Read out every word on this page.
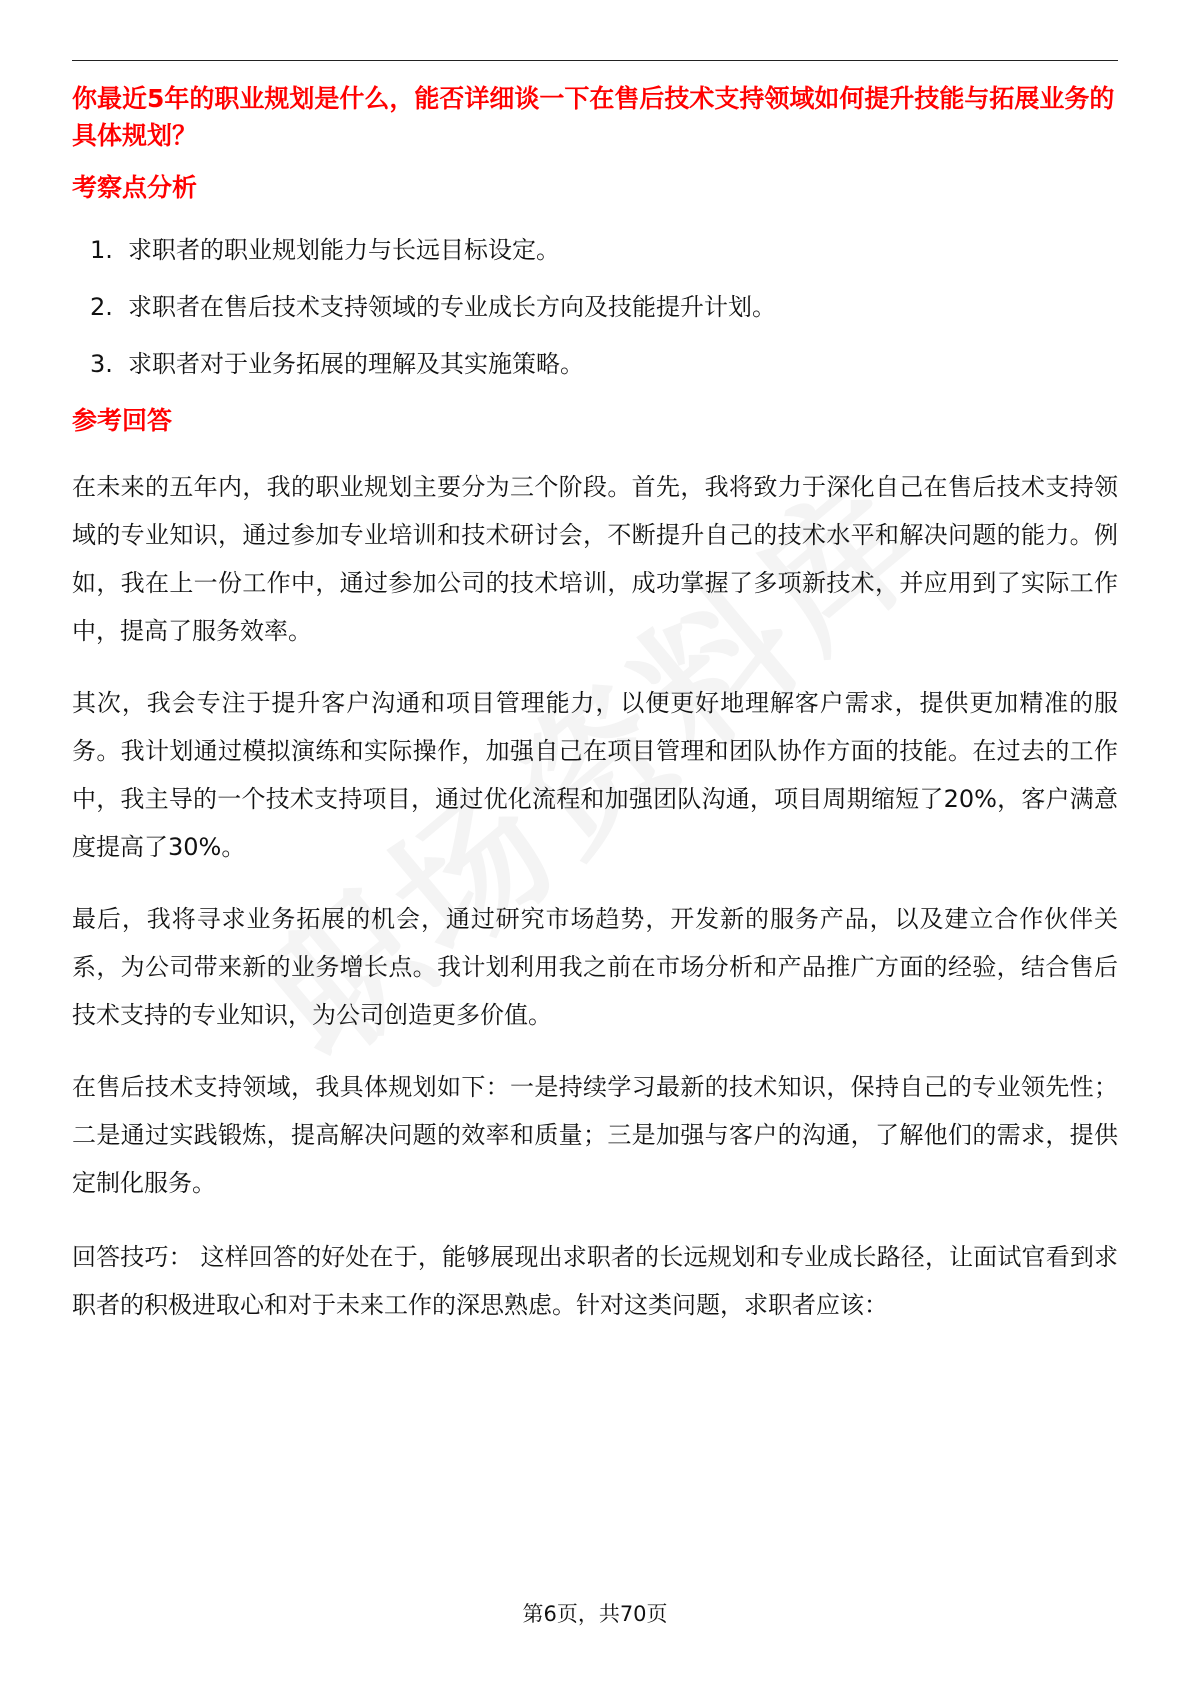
你最近5年的职业规划是什么，能否详细谈一下在售后技术支持领域如何提升技能与拓展业务的具体规划？

考察点分析

1. 求职者的职业规划能力与长远目标设定。
2. 求职者在售后技术支持领域的专业成长方向及技能提升计划。
3. 求职者对于业务拓展的理解及其实施策略。

参考回答

在未来的五年内，我的职业规划主要分为三个阶段。首先，我将致力于深化自己在售后技术支持领域的专业知识，通过参加专业培训和技术研讨会，不断提升自己的技术水平和解决问题的能力。例如，我在上一份工作中，通过参加公司的技术培训，成功掌握了多项新技术，并应用到了实际工作中，提高了服务效率。

其次，我会专注于提升客户沟通和项目管理能力，以便更好地理解客户需求，提供更加精准的服务。我计划通过模拟演练和实际操作，加强自己在项目管理和团队协作方面的技能。在过去的工作中，我主导的一个技术支持项目，通过优化流程和加强团队沟通，项目周期缩短了20%，客户满意度提高了30%。

最后，我将寻求业务拓展的机会，通过研究市场趋势，开发新的服务产品，以及建立合作伙伴关系，为公司带来新的业务增长点。我计划利用我之前在市场分析和产品推广方面的经验，结合售后技术支持的专业知识，为公司创造更多价值。

在售后技术支持领域，我具体规划如下：一是持续学习最新的技术知识，保持自己的专业领先性；二是通过实践锻炼，提高解决问题的效率和质量；三是加强与客户的沟通，了解他们的需求，提供定制化服务。

回答技巧： 这样回答的好处在于，能够展现出求职者的长远规划和专业成长路径，让面试官看到求职者的积极进取心和对于未来工作的深思熟虑。针对这类问题，求职者应该：

第6页，共70页
